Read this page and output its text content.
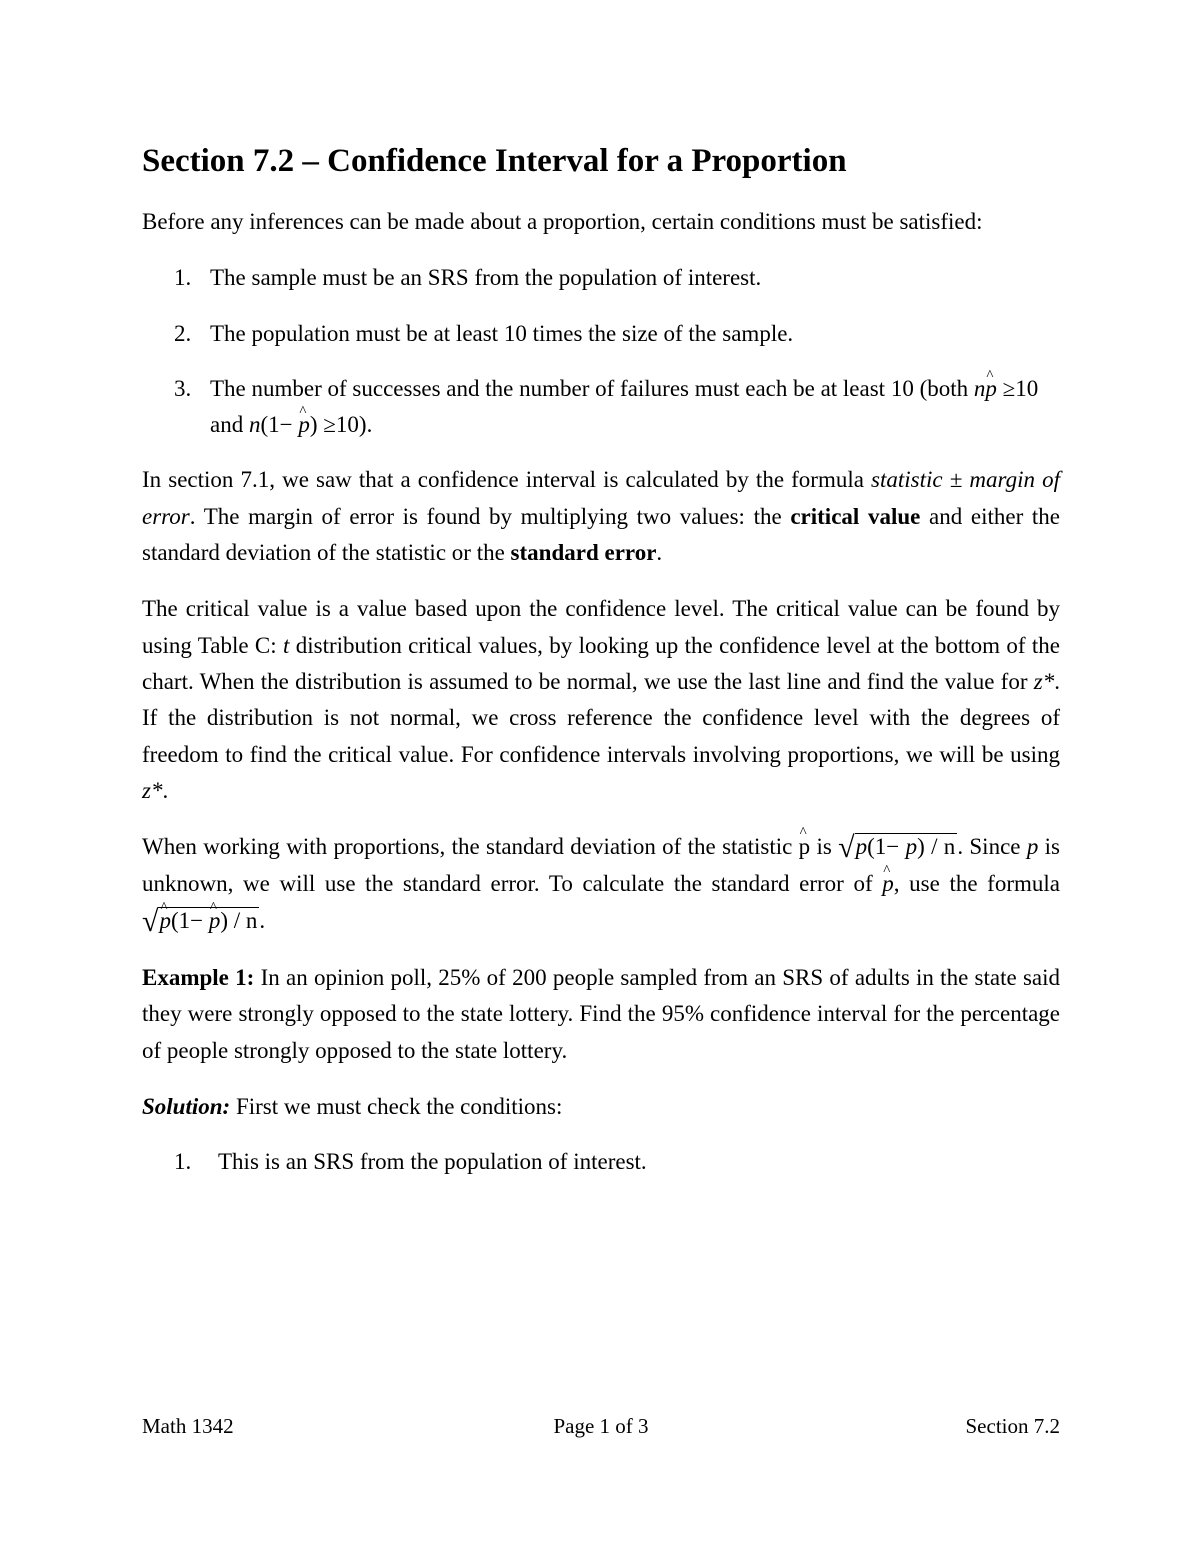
Section 7.2 – Confidence Interval for a Proportion

Before any inferences can be made about a proportion, certain conditions must be satisfied:

1. The sample must be an SRS from the population of interest.
2. The population must be at least 10 times the size of the sample.
3. The number of successes and the number of failures must each be at least 10 (both n^ p ≥10 and n(1− ^ p) ≥10).

In section 7.1, we saw that a confidence interval is calculated by the formula statistic ± margin of error. The margin of error is found by multiplying two values: the critical value and either the standard deviation of the statistic or the standard error.

The critical value is a value based upon the confidence level. The critical value can be found by using Table C: t distribution critical values, by looking up the confidence level at the bottom of the chart. When the distribution is assumed to be normal, we use the last line and find the value for z*. If the distribution is not normal, we cross reference the confidence level with the degrees of freedom to find the critical value. For confidence intervals involving proportions, we will be using z*.

When working with proportions, the standard deviation of the statistic ^ p is √p(1− p) / n. Since p is unknown, we will use the standard error. To calculate the standard error of ^ p, use the formula √^ p(1− ^ p) / n.

Example 1: In an opinion poll, 25% of 200 people sampled from an SRS of adults in the state said they were strongly opposed to the state lottery. Find the 95% confidence interval for the percentage of people strongly opposed to the state lottery.

Solution: First we must check the conditions:

1. This is an SRS from the population of interest.
Math 1342	Page 1 of 3	Section 7.2
